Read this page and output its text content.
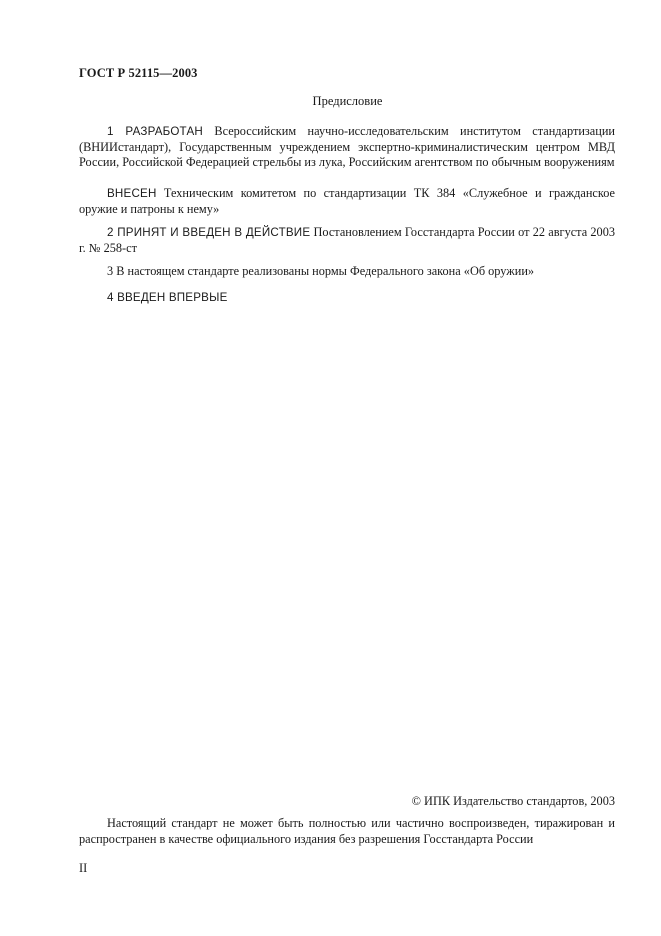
ГОСТ Р 52115—2003
Предисловие
1 РАЗРАБОТАН Всероссийским научно-исследовательским институтом стандартизации (ВНИИстандарт), Государственным учреждением экспертно-криминалистическим центром МВД России, Российской Федерацией стрельбы из лука, Российским агентством по обычным вооружениям
ВНЕСЕН Техническим комитетом по стандартизации ТК 384 «Служебное и гражданское оружие и патроны к нему»
2 ПРИНЯТ И ВВЕДЕН В ДЕЙСТВИЕ Постановлением Госстандарта России от 22 августа 2003 г. № 258-ст
3 В настоящем стандарте реализованы нормы Федерального закона «Об оружии»
4 ВВЕДЕН ВПЕРВЫЕ
© ИПК Издательство стандартов, 2003
Настоящий стандарт не может быть полностью или частично воспроизведен, тиражирован и распространен в качестве официального издания без разрешения Госстандарта России
II
